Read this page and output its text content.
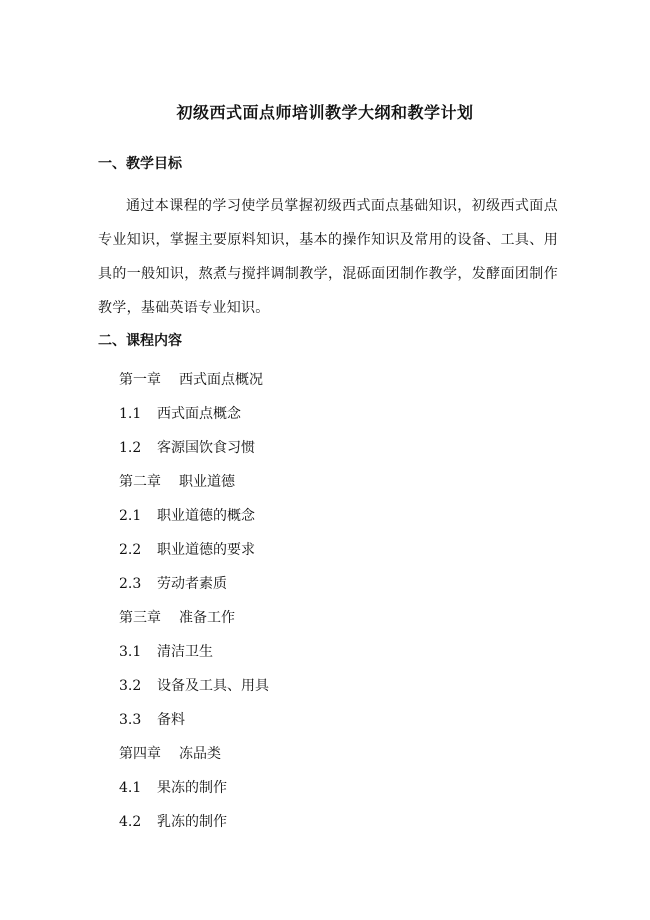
初级西式面点师培训教学大纲和教学计划
一、教学目标
通过本课程的学习使学员掌握初级西式面点基础知识，初级西式面点专业知识，掌握主要原料知识，基本的操作知识及常用的设备、工具、用具的一般知识，熬煮与搅拌调制教学，混砾面团制作教学，发酵面团制作教学，基础英语专业知识。
二、课程内容
第一章 西式面点概况
1.1 西式面点概念
1.2 客源国饮食习惯
第二章 职业道德
2.1 职业道德的概念
2.2 职业道德的要求
2.3 劳动者素质
第三章 准备工作
3.1 清洁卫生
3.2 设备及工具、用具
3.3 备料
第四章 冻品类
4.1 果冻的制作
4.2 乳冻的制作
